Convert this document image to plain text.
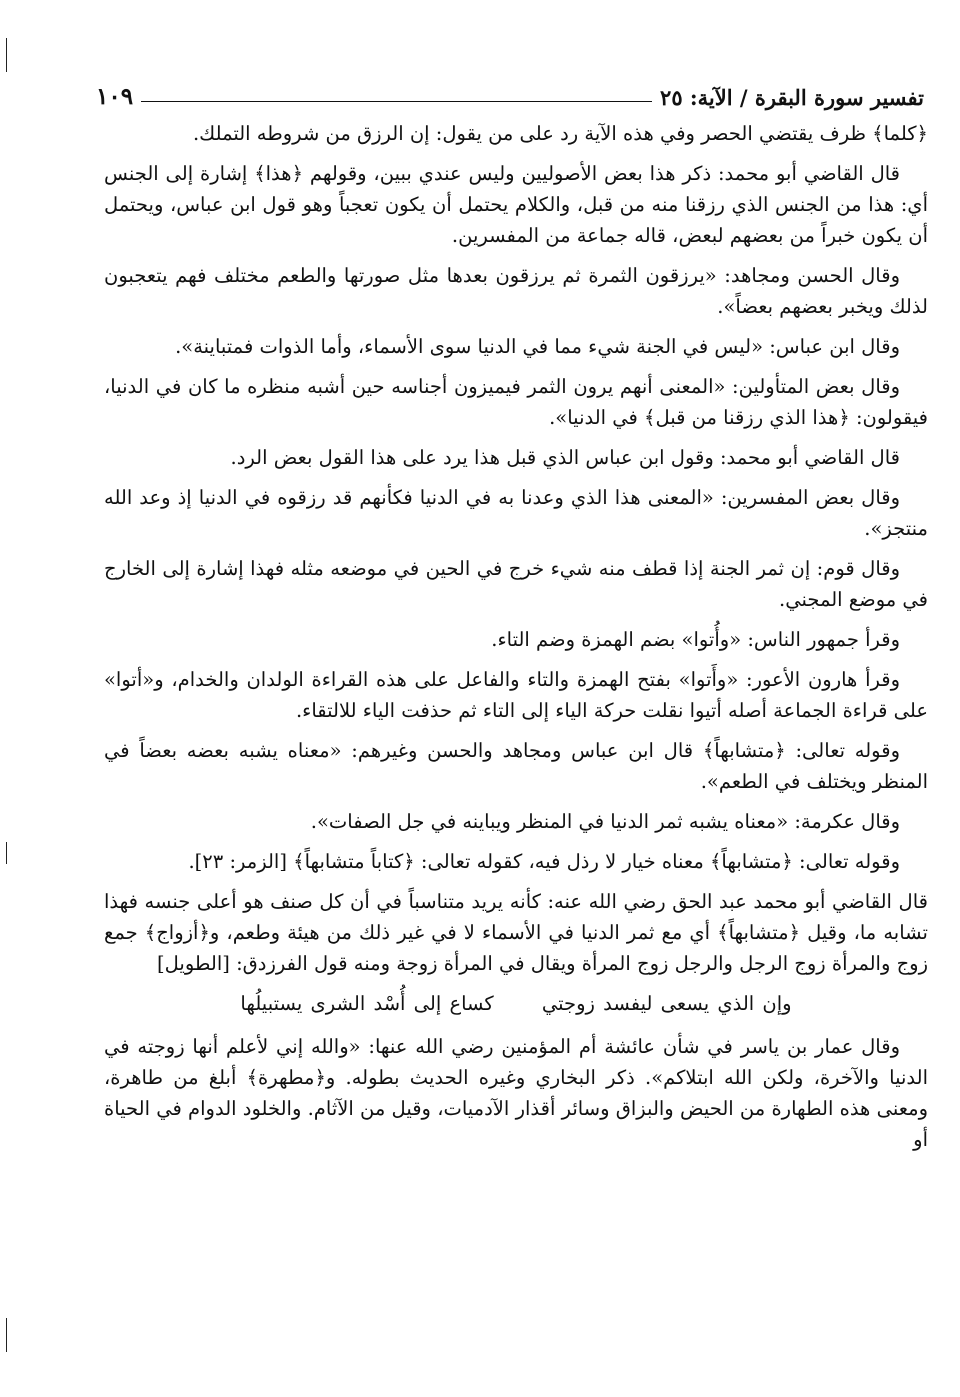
تفسير سورة البقرة / الآية: ٢٥
١٠٩

﴿كلما﴾ ظرف يقتضي الحصر وفي هذه الآية رد على من يقول: إن الرزق من شروطه التملك.

قال القاضي أبو محمد: ذكر هذا بعض الأصوليين وليس عندي ببين، وقولهم ﴿هذا﴾ إشارة إلى الجنس أي: هذا من الجنس الذي رزقنا منه من قبل، والكلام يحتمل أن يكون تعجباً وهو قول ابن عباس، ويحتمل أن يكون خبراً من بعضهم لبعض، قاله جماعة من المفسرين.

وقال الحسن ومجاهد: «يرزقون الثمرة ثم يرزقون بعدها مثل صورتها والطعم مختلف فهم يتعجبون لذلك ويخبر بعضهم بعضاً».

وقال ابن عباس: «ليس في الجنة شيء مما في الدنيا سوى الأسماء، وأما الذوات فمتباينة».

وقال بعض المتأولين: «المعنى أنهم يرون الثمر فيميزون أجناسه حين أشبه منظره ما كان في الدنيا، فيقولون: ﴿هذا الذي رزقنا من قبل﴾ في الدنيا».

قال القاضي أبو محمد: وقول ابن عباس الذي قبل هذا يرد على هذا القول بعض الرد.

وقال بعض المفسرين: «المعنى هذا الذي وعدنا به في الدنيا فكأنهم قد رزقوه في الدنيا إذ وعد الله منتجز».

وقال قوم: إن ثمر الجنة إذا قطف منه شيء خرج في الحين في موضعه مثله فهذا إشارة إلى الخارج في موضع المجني.

وقرأ جمهور الناس: «وأُتوا» بضم الهمزة وضم التاء.

وقرأ هارون الأعور: «وأَتوا» بفتح الهمزة والتاء والفاعل على هذه القراءة الولدان والخدام، و«أتوا» على قراءة الجماعة أصله أتيوا نقلت حركة الياء إلى التاء ثم حذفت الياء للالتقاء.

وقوله تعالى: ﴿متشابهاً﴾ قال ابن عباس ومجاهد والحسن وغيرهم: «معناه يشبه بعضه بعضاً في المنظر ويختلف في الطعم».

وقال عكرمة: «معناه يشبه ثمر الدنيا في المنظر ويباينه في جل الصفات».

وقوله تعالى: ﴿متشابهاً﴾ معناه خيار لا رذل فيه، كقوله تعالى: ﴿كتاباً متشابهاً﴾ [الزمر: ٢٣].

قال القاضي أبو محمد عبد الحق رضي الله عنه: كأنه يريد متناسباً في أن كل صنف هو أعلى جنسه فهذا تشابه ما، وقيل ﴿متشابهاً﴾ أي مع ثمر الدنيا في الأسماء لا في غير ذلك من هيئة وطعم، و﴿أزواج﴾ جمع زوج والمرأة زوج الرجل والرجل زوج المرأة ويقال في المرأة زوجة ومنه قول الفرزدق: [الطويل]

وإن الذي يسعى ليفسد زوجتي كساع إلى أُسْد الشرى يستبيلُها

وقال عمار بن ياسر في شأن عائشة أم المؤمنين رضي الله عنها: «والله إني لأعلم أنها زوجته في الدنيا والآخرة، ولكن الله ابتلاكم». ذكر البخاري وغيره الحديث بطوله. و﴿مطهرة﴾ أبلغ من طاهرة، ومعنى هذه الطهارة من الحيض والبزاق وسائر أقذار الآدميات، وقيل من الآثام. والخلود الدوام في الحياة أو
